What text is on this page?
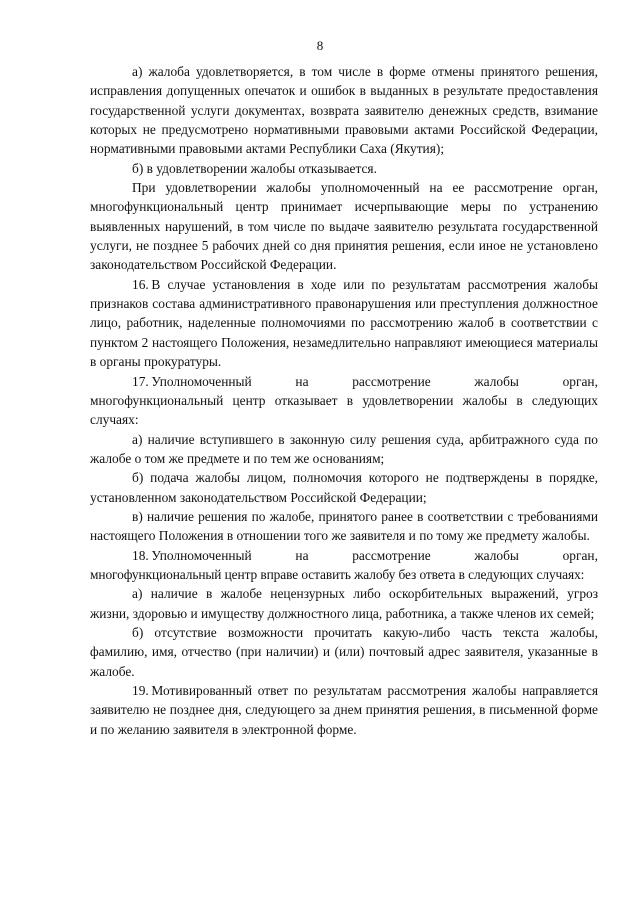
8

а) жалоба удовлетворяется, в том числе в форме отмены принятого решения, исправления допущенных опечаток и ошибок в выданных в результате предоставления государственной услуги документах, возврата заявителю денежных средств, взимание которых не предусмотрено нормативными правовыми актами Российской Федерации, нормативными правовыми актами Республики Саха (Якутия);

б) в удовлетворении жалобы отказывается.

При удовлетворении жалобы уполномоченный на ее рассмотрение орган, многофункциональный центр принимает исчерпывающие меры по устранению выявленных нарушений, в том числе по выдаче заявителю результата государственной услуги, не позднее 5 рабочих дней со дня принятия решения, если иное не установлено законодательством Российской Федерации.

16. В случае установления в ходе или по результатам рассмотрения жалобы признаков состава административного правонарушения или преступления должностное лицо, работник, наделенные полномочиями по рассмотрению жалоб в соответствии с пунктом 2 настоящего Положения, незамедлительно направляют имеющиеся материалы в органы прокуратуры.

17. Уполномоченный	на	рассмотрение	жалобы	орган,

многофункциональный центр отказывает в удовлетворении жалобы в следующих случаях:

а) наличие вступившего в законную силу решения суда, арбитражного суда по жалобе о том же предмете и по тем же основаниям;

б) подача жалобы лицом, полномочия которого не подтверждены в порядке, установленном законодательством Российской Федерации;

в) наличие решения по жалобе, принятого ранее в соответствии с требованиями настоящего Положения в отношении того же заявителя и по тому же предмету жалобы.

18. Уполномоченный	на	рассмотрение	жалобы	орган,

многофункциональный центр вправе оставить жалобу без ответа в следующих случаях:

а) наличие в жалобе нецензурных либо оскорбительных выражений, угроз жизни, здоровью и имуществу должностного лица, работника, а также членов их семей;

б) отсутствие возможности прочитать какую-либо часть текста жалобы, фамилию, имя, отчество (при наличии) и (или) почтовый адрес заявителя, указанные в жалобе.

19. Мотивированный ответ по результатам рассмотрения жалобы направляется заявителю не позднее дня, следующего за днем принятия решения, в письменной форме и по желанию заявителя в электронной форме.
